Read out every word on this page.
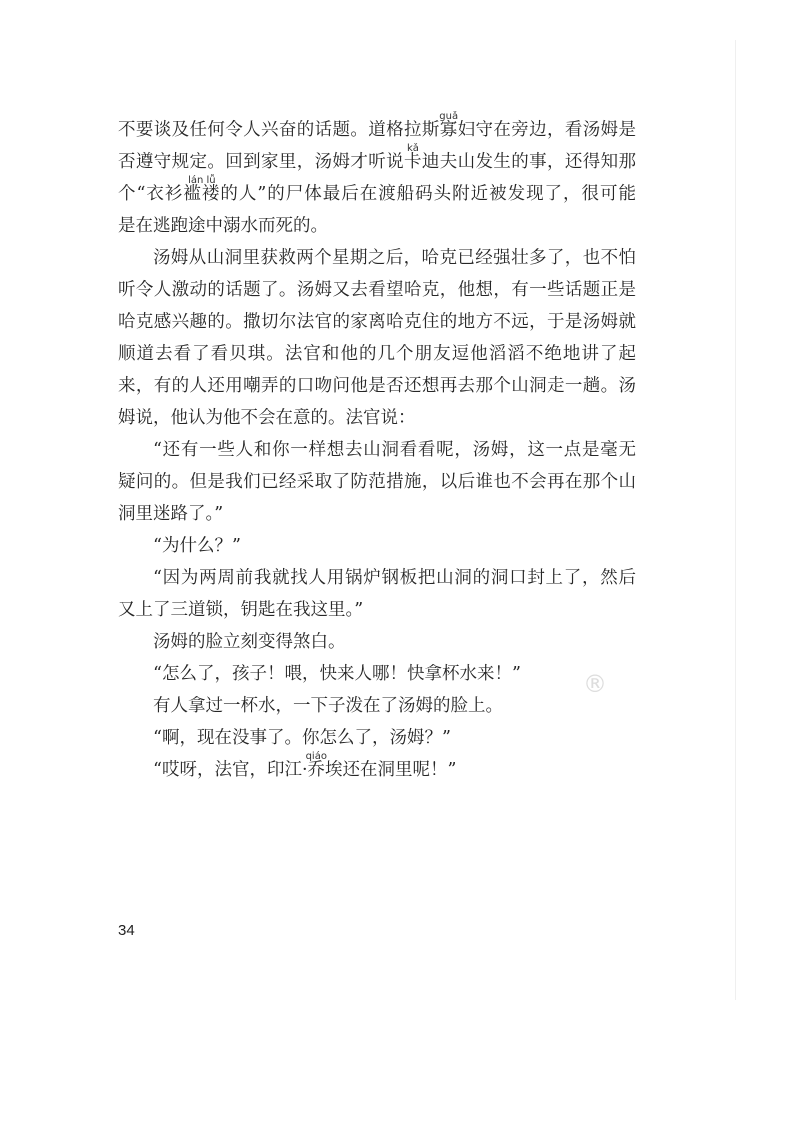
不要谈及任何令人兴奋的话题。道格拉斯寡
guǎ
妇守在旁边，看汤姆是
否遵守规定。回到家里，汤姆才听说卡
kǎ
迪夫山发生的事，还得知那
个“衣衫褴褛
lán lǚ
的人”的尸体最后在渡船码头附近被发现了，很可能
是在逃跑途中溺水而死的。
汤姆从山洞里获救两个星期之后，哈克已经强壮多了，也不怕
听令人激动的话题了。汤姆又去看望哈克，他想，有一些话题正是
哈克感兴趣的。撒切尔法官的家离哈克住的地方不远，于是汤姆就
顺道去看了看贝琪。法官和他的几个朋友逗他滔滔不绝地讲了起
来，有的人还用嘲弄的口吻问他是否还想再去那个山洞走一趟。汤
姆说，他认为他不会在意的。法官说：
“还有一些人和你一样想去山洞看看呢，汤姆，这一点是毫无
疑问的。但是我们已经采取了防范措施，以后谁也不会再在那个山
洞里迷路了。”
“为什么？”
“因为两周前我就找人用锅炉钢板把山洞的洞口封上了，然后
又上了三道锁，钥匙在我这里。”
汤姆的脸立刻变得煞白。
“怎么了，孩子！喂，快来人哪！快拿杯水来！”
有人拿过一杯水，一下子泼在了汤姆的脸上。
“啊，现在没事了。你怎么了，汤姆？”
“哎呀，法官，印江·乔
qiáo
埃还在洞里呢！”
®
34
